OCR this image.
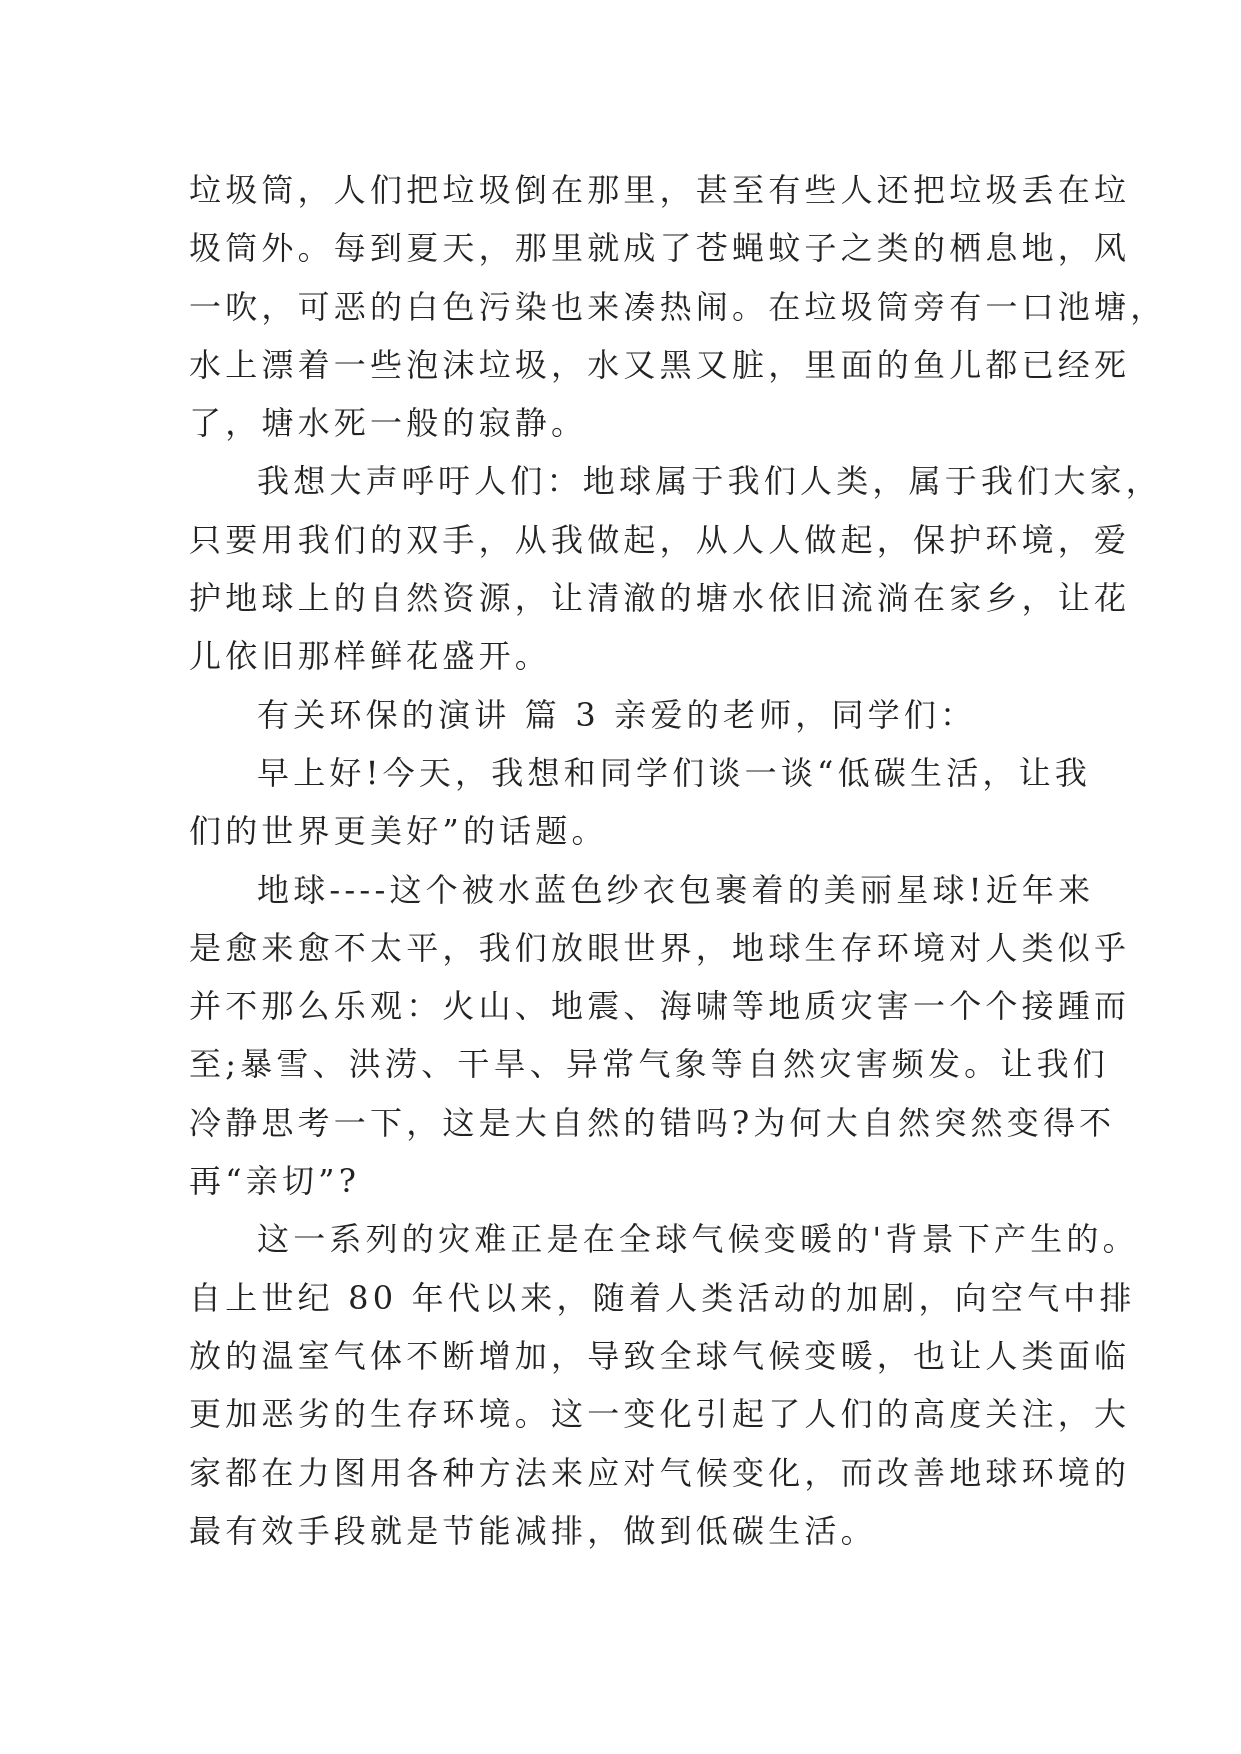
垃圾筒，人们把垃圾倒在那里，甚至有些人还把垃圾丢在垃
圾筒外。每到夏天，那里就成了苍蝇蚊子之类的栖息地，风
一吹，可恶的白色污染也来凑热闹。在垃圾筒旁有一口池塘，
水上漂着一些泡沫垃圾，水又黑又脏，里面的鱼儿都已经死
了，塘水死一般的寂静。
我想大声呼吁人们：地球属于我们人类，属于我们大家，
只要用我们的双手，从我做起，从人人做起，保护环境，爱
护地球上的自然资源，让清澈的塘水依旧流淌在家乡，让花
儿依旧那样鲜花盛开。
有关环保的演讲 篇 3 亲爱的老师，同学们：
早上好!今天，我想和同学们谈一谈“低碳生活，让我
们的世界更美好”的话题。
地球----这个被水蓝色纱衣包裹着的美丽星球!近年来
是愈来愈不太平，我们放眼世界，地球生存环境对人类似乎
并不那么乐观：火山、地震、海啸等地质灾害一个个接踵而
至;暴雪、洪涝、干旱、异常气象等自然灾害频发。让我们
冷静思考一下，这是大自然的错吗?为何大自然突然变得不
再“亲切”?
这一系列的灾难正是在全球气候变暖的'背景下产生的。
自上世纪 80 年代以来，随着人类活动的加剧，向空气中排
放的温室气体不断增加，导致全球气候变暖，也让人类面临
更加恶劣的生存环境。这一变化引起了人们的高度关注，大
家都在力图用各种方法来应对气候变化，而改善地球环境的
最有效手段就是节能减排，做到低碳生活。
